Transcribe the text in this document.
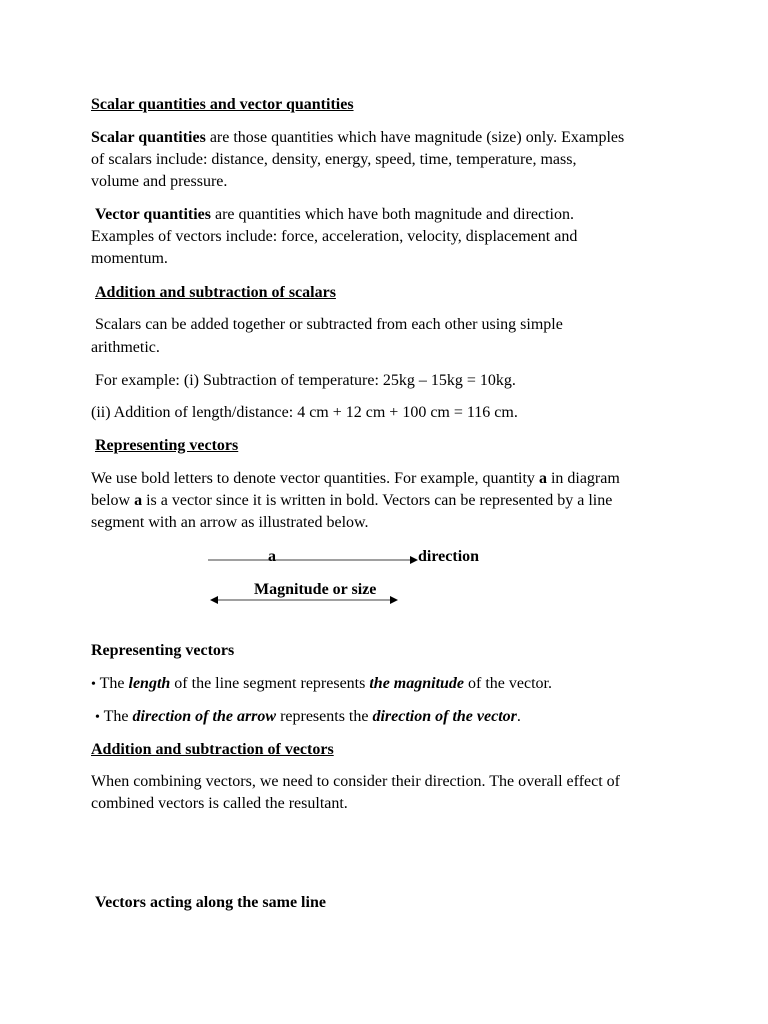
Scalar quantities and vector quantities
Scalar quantities are those quantities which have magnitude (size) only. Examples
of scalars include: distance, density, energy, speed, time, temperature, mass,
volume and pressure.
Vector quantities are quantities which have both magnitude and direction.
Examples of vectors include: force, acceleration, velocity, displacement and
momentum.
Addition and subtraction of scalars
Scalars can be added together or subtracted from each other using simple
arithmetic.
For example: (i) Subtraction of temperature: 25kg – 15kg = 10kg.
(ii) Addition of length/distance: 4 cm + 12 cm + 100 cm = 116 cm.
Representing vectors
We use bold letters to denote vector quantities. For example, quantity a in diagram
below a is a vector since it is written in bold. Vectors can be represented by a line
segment with an arrow as illustrated below.
a	direction
Magnitude or size
Representing vectors
• The length of the line segment represents the magnitude of the vector.
• The direction of the arrow represents the direction of the vector.
Addition and subtraction of vectors
When combining vectors, we need to consider their direction. The overall effect of
combined vectors is called the resultant.
Vectors acting along the same line
